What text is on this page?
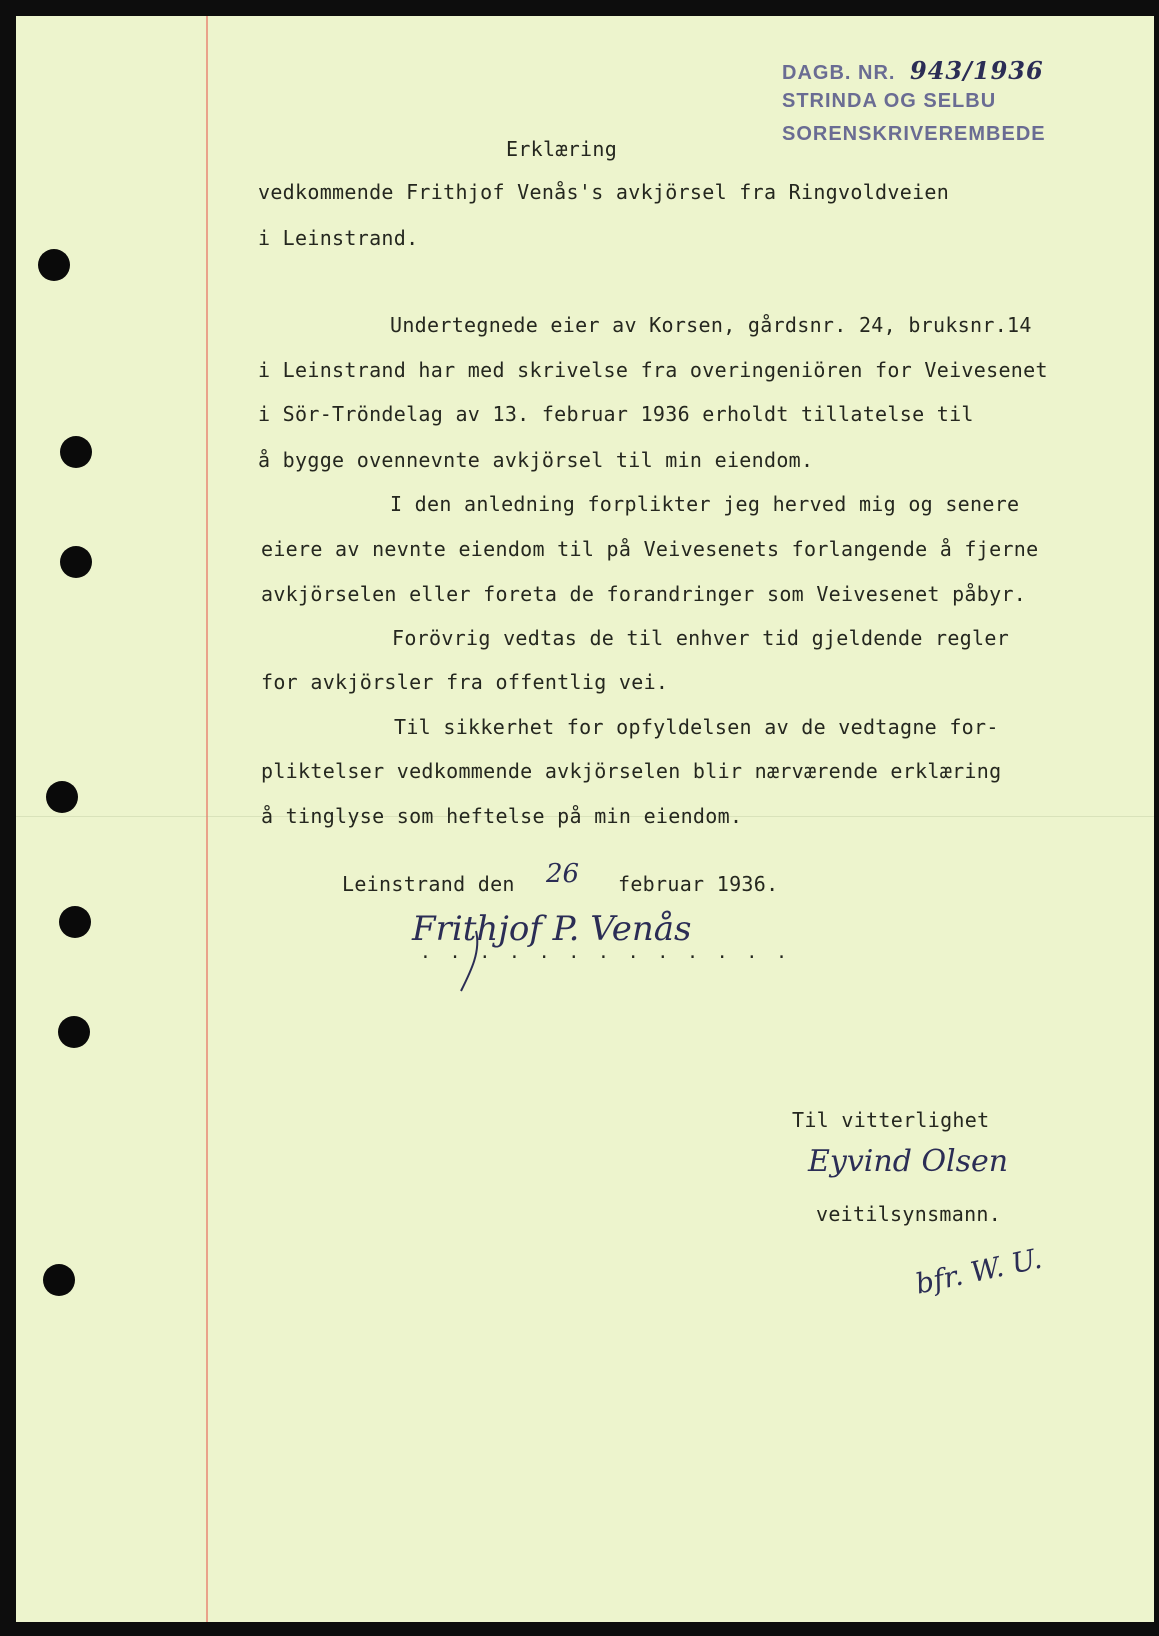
DAGB. NR. 943/1936
STRINDA OG SELBU
SORENSKRIVEREMBEDE
Erklæring

vedkommende Frithjof Venås's avkjörsel fra Ringvoldveien

i Leinstrand.

Undertegnede eier av Korsen, gårdsnr. 24, bruksnr.14

i Leinstrand har med skrivelse fra overingeniören for Veivesenet

i Sör-Tröndelag av 13. februar 1936 erholdt tillatelse til

å bygge ovennevnte avkjörsel til min eiendom.

I den anledning forplikter jeg herved mig og senere

eiere av nevnte eiendom til på Veivesenets forlangende å fjerne

avkjörselen eller foreta de forandringer som Veivesenet påbyr.

Forövrig vedtas de til enhver tid gjeldende regler

for avkjörsler fra offentlig vei.

Til sikkerhet for opfyldelsen av de vedtagne for-

pliktelser vedkommende avkjörselen blir nærværende erklæring

å tinglyse som heftelse på min eiendom.

Leinstrand den 26 februar 1936.

Frithjof P. Venås
. . . . . . . . . . . . .

Til vitterlighet

Eyvind Olsen

veitilsynsmann.

bfr. W. U.
